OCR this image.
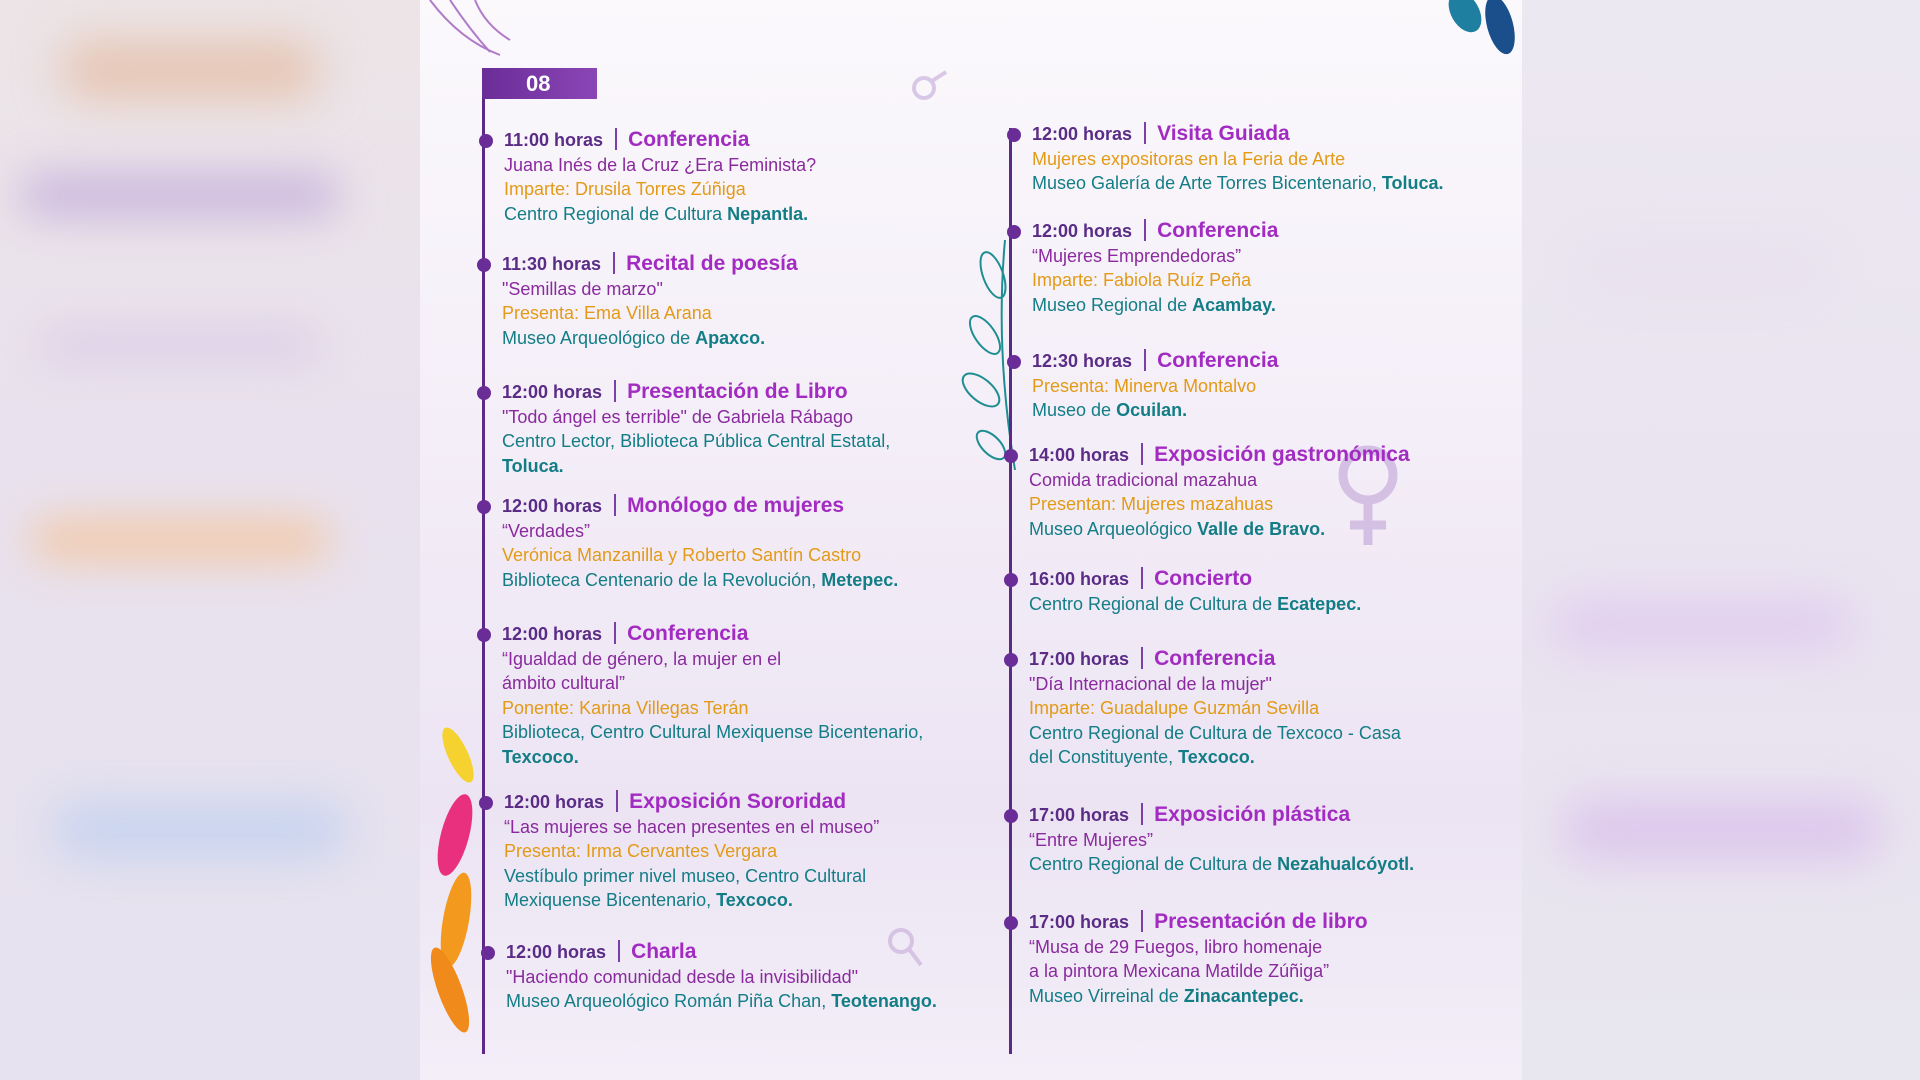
08
11:00 horas Conferencia
Juana Inés de la Cruz ¿Era Feminista?
Imparte: Drusila Torres Zúñiga
Centro Regional de Cultura Nepantla.
11:30 horas Recital de poesía
"Semillas de marzo"
Presenta: Ema Villa Arana
Museo Arqueológico de Apaxco.
12:00 horas Presentación de Libro
"Todo ángel es terrible" de Gabriela Rábago
Centro Lector, Biblioteca Pública Central Estatal,
Toluca.
12:00 horas Monólogo de mujeres
“Verdades”
Verónica Manzanilla y Roberto Santín Castro
Biblioteca Centenario de la Revolución, Metepec.
12:00 horas Conferencia
“Igualdad de género, la mujer en el
ámbito cultural”
Ponente: Karina Villegas Terán
Biblioteca, Centro Cultural Mexiquense Bicentenario,
Texcoco.
12:00 horas Exposición Sororidad
“Las mujeres se hacen presentes en el museo”
Presenta: Irma Cervantes Vergara
Vestíbulo primer nivel museo, Centro Cultural
Mexiquense Bicentenario, Texcoco.
12:00 horas Charla
"Haciendo comunidad desde la invisibilidad"
Museo Arqueológico Román Piña Chan, Teotenango.
12:00 horas Visita Guiada
Mujeres expositoras en la Feria de Arte
Museo Galería de Arte Torres Bicentenario, Toluca.
12:00 horas Conferencia
“Mujeres Emprendedoras”
Imparte: Fabiola Ruíz Peña
Museo Regional de Acambay.
12:30 horas Conferencia
Presenta: Minerva Montalvo
Museo de Ocuilan.
14:00 horas Exposición gastronómica
Comida tradicional mazahua
Presentan: Mujeres mazahuas
Museo Arqueológico Valle de Bravo.
16:00 horas Concierto
Centro Regional de Cultura de Ecatepec.
17:00 horas Conferencia
"Día Internacional de la mujer"
Imparte: Guadalupe Guzmán Sevilla
Centro Regional de Cultura de Texcoco - Casa
del Constituyente, Texcoco.
17:00 horas Exposición plástica
“Entre Mujeres”
Centro Regional de Cultura de Nezahualcóyotl.
17:00 horas Presentación de libro
“Musa de 29 Fuegos, libro homenaje
a la pintora Mexicana Matilde Zúñiga”
Museo Virreinal de Zinacantepec.
